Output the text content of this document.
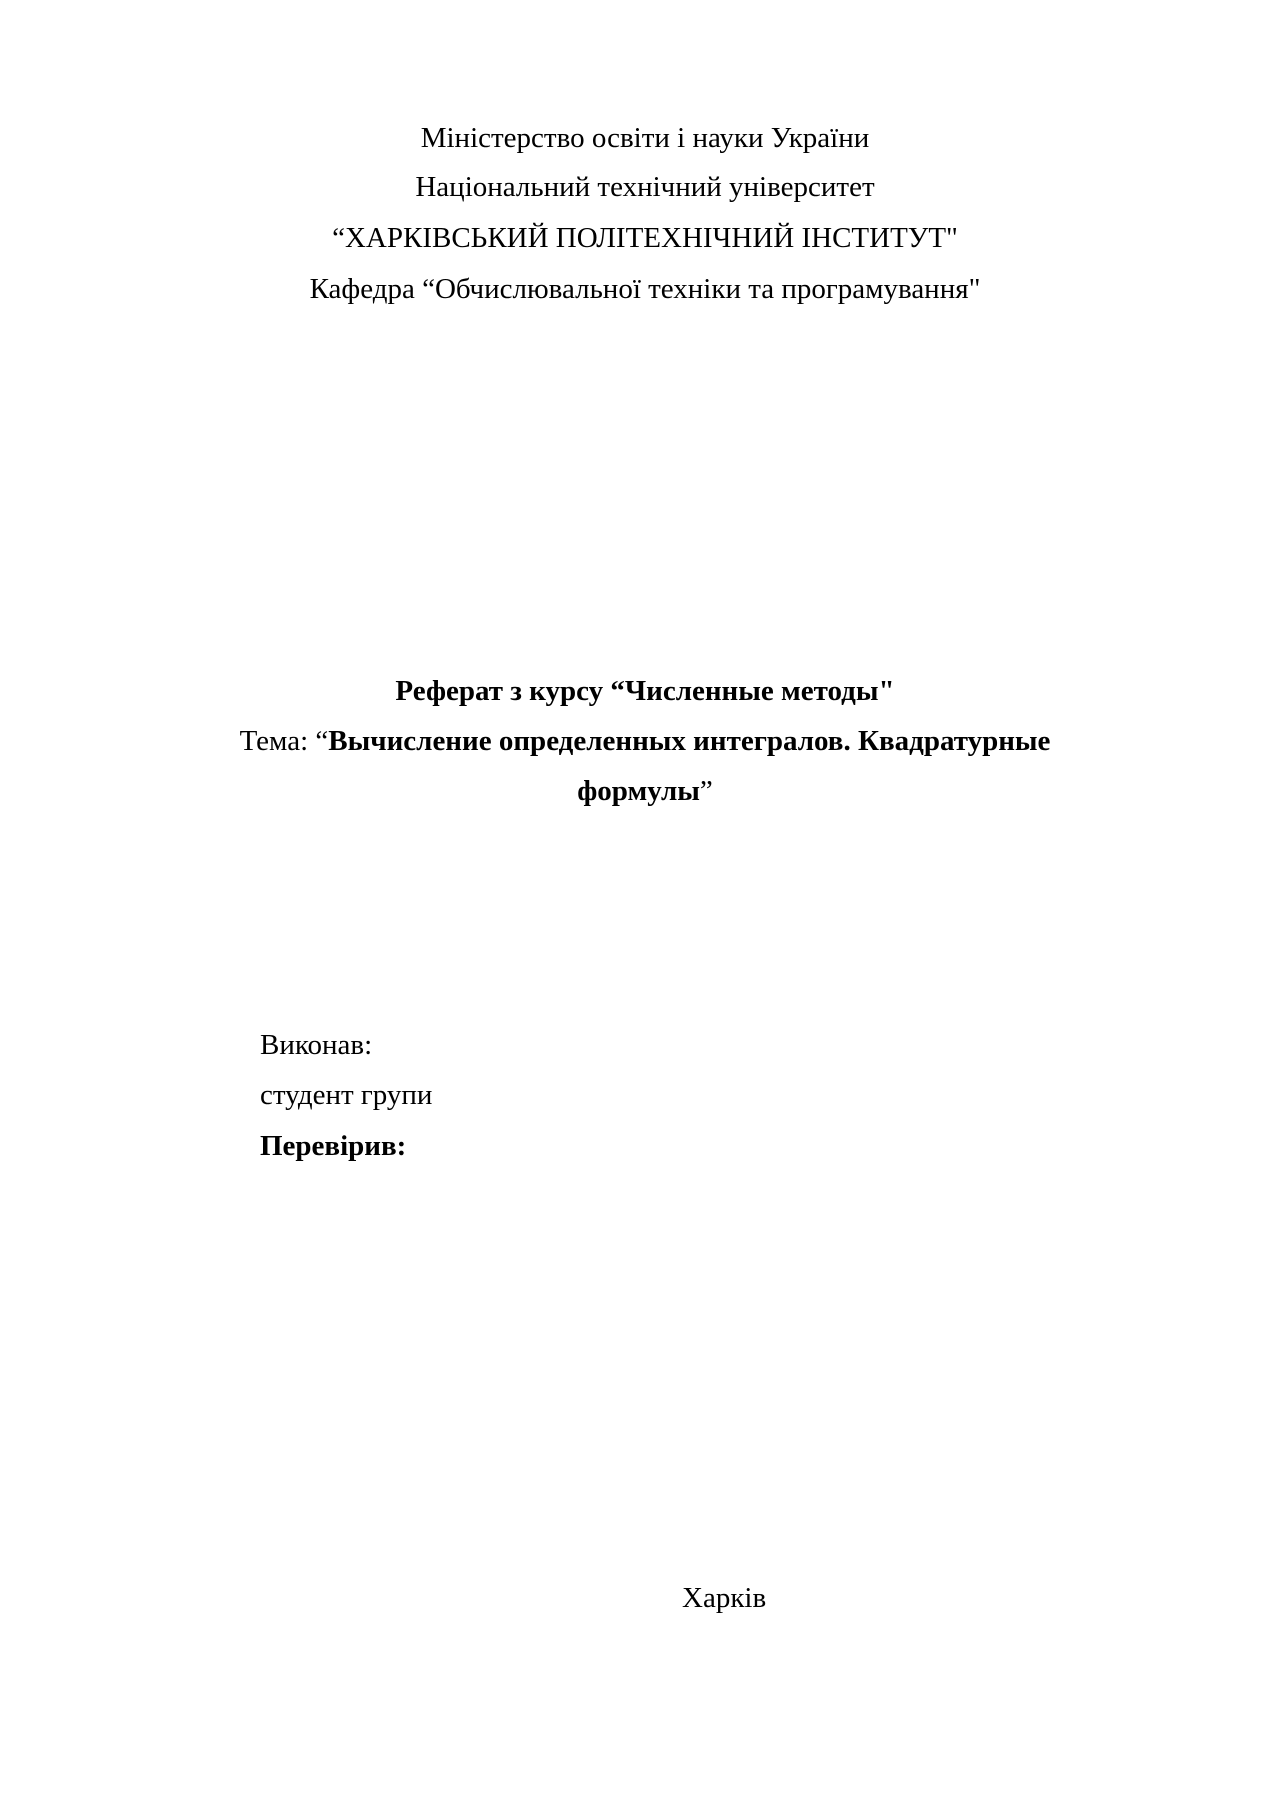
Міністерство освіти і науки України
Національний технічний університет
“ХАРКІВСЬКИЙ ПОЛІТЕХНІЧНИЙ ІНСТИТУТ"
Кафедра “Обчислювальної техніки та програмування"
Реферат з курсу “Численные методы"
Тема: “Вычисление определенных интегралов. Квадратурные
формулы”
Виконав:
студент групи
Перевірив:
Харків
